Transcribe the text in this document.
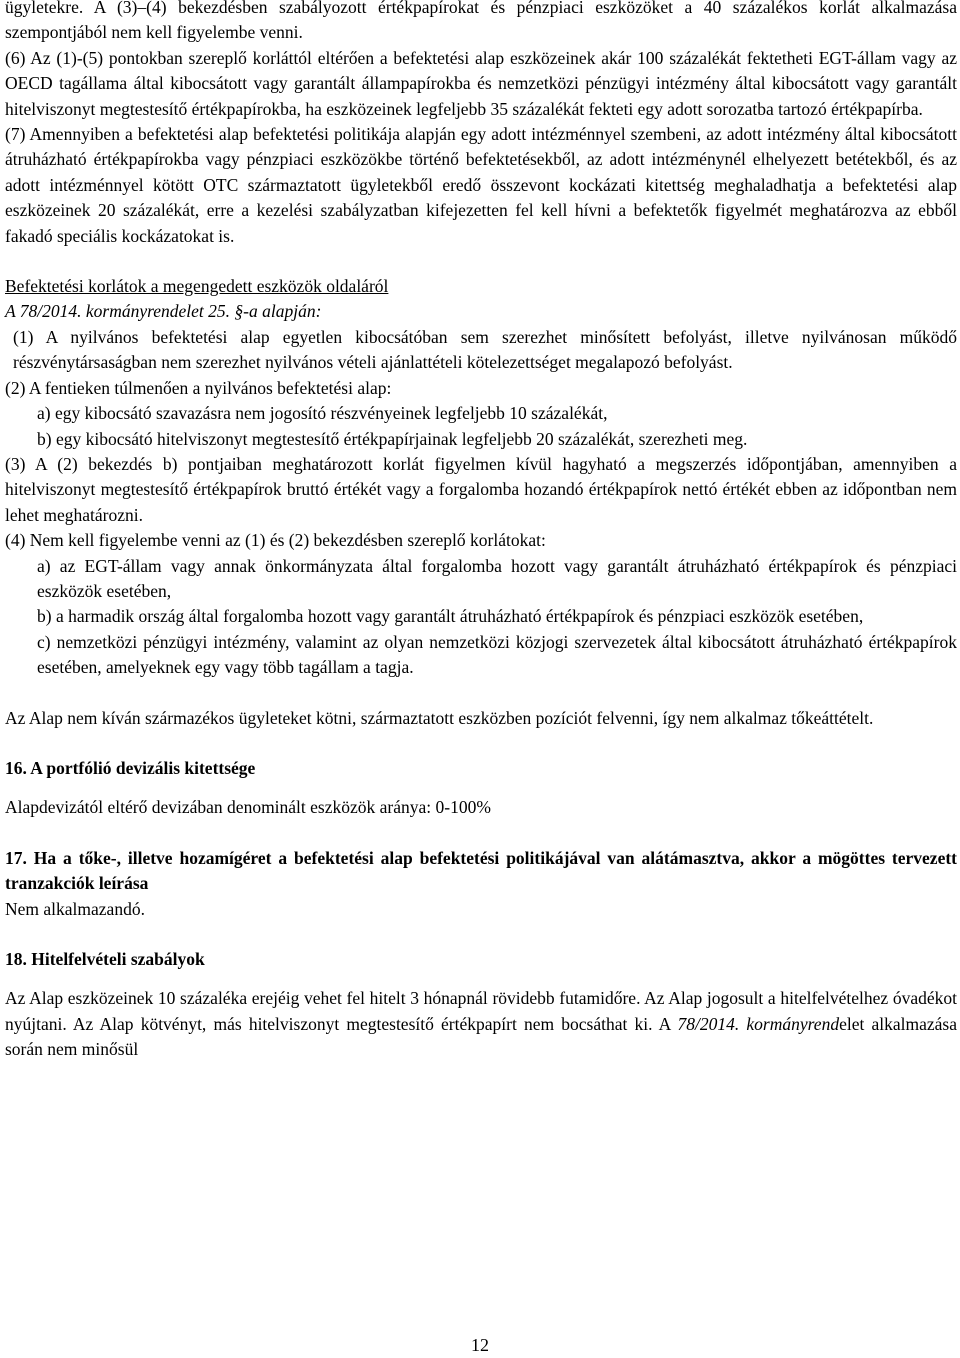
ügyletekre. A (3)–(4) bekezdésben szabályozott értékpapírokat és pénzpiaci eszközöket a 40 százalékos korlát alkalmazása szempontjából nem kell figyelembe venni.

(6) Az (1)-(5) pontokban szereplő korláttól eltérően a befektetési alap eszközeinek akár 100 százalékát fektetheti EGT-állam vagy az OECD tagállama által kibocsátott vagy garantált állampapírokba és nemzetközi pénzügyi intézmény által kibocsátott vagy garantált hitelviszonyt megtestesítő értékpapírokba, ha eszközeinek legfeljebb 35 százalékát fekteti egy adott sorozatba tartozó értékpapírba.

(7) Amennyiben a befektetési alap befektetési politikája alapján egy adott intézménnyel szembeni, az adott intézmény által kibocsátott átruházható értékpapírokba vagy pénzpiaci eszközökbe történő befektetésekből, az adott intézménynél elhelyezett betétekből, és az adott intézménnyel kötött OTC származtatott ügyletekből eredő összevont kockázati kitettség meghaladhatja a befektetési alap eszközeinek 20 százalékát, erre a kezelési szabályzatban kifejezetten fel kell hívni a befektetők figyelmét meghatározva az ebből fakadó speciális kockázatokat is.

Befektetési korlátok a megengedett eszközök oldaláról

A 78/2014. kormányrendelet 25. §-a alapján:

(1) A nyilvános befektetési alap egyetlen kibocsátóban sem szerezhet minősített befolyást, illetve nyilvánosan működő részvénytársaságban nem szerezhet nyilvános vételi ajánlattételi kötelezettséget megalapozó befolyást.

(2) A fentieken túlmenően a nyilvános befektetési alap:

a) egy kibocsátó szavazásra nem jogosító részvényeinek legfeljebb 10 százalékát,

b) egy kibocsátó hitelviszonyt megtestesítő értékpapírjainak legfeljebb 20 százalékát, szerezheti meg.

(3) A (2) bekezdés b) pontjaiban meghatározott korlát figyelmen kívül hagyható a megszerzés időpontjában, amennyiben a hitelviszonyt megtestesítő értékpapírok bruttó értékét vagy a forgalomba hozandó értékpapírok nettó értékét ebben az időpontban nem lehet meghatározni.

(4) Nem kell figyelembe venni az (1) és (2) bekezdésben szereplő korlátokat:

a) az EGT-állam vagy annak önkormányzata által forgalomba hozott vagy garantált átruházható értékpapírok és pénzpiaci eszközök esetében,

b) a harmadik ország által forgalomba hozott vagy garantált átruházható értékpapírok és pénzpiaci eszközök esetében,

c) nemzetközi pénzügyi intézmény, valamint az olyan nemzetközi közjogi szervezetek által kibocsátott átruházható értékpapírok esetében, amelyeknek egy vagy több tagállam a tagja.

Az Alap nem kíván származékos ügyleteket kötni, származtatott eszközben pozíciót felvenni, így nem alkalmaz tőkeáttételt.

16. A portfólió devizális kitettsége

Alapdevizától eltérő devizában denominált eszközök aránya: 0-100%

17. Ha a tőke-, illetve hozamígéret a befektetési alap befektetési politikájával van alátámasztva, akkor a mögöttes tervezett tranzakciók leírása

Nem alkalmazandó.

18. Hitelfelvételi szabályok

Az Alap eszközeinek 10 százaléka erejéig vehet fel hitelt 3 hónapnál rövidebb futamidőre. Az Alap jogosult a hitelfelvételhez óvadékot nyújtani. Az Alap kötvényt, más hitelviszonyt megtestesítő értékpapírt nem bocsáthat ki. A 78/2014. kormányrendelet alkalmazása során nem minősül

12
